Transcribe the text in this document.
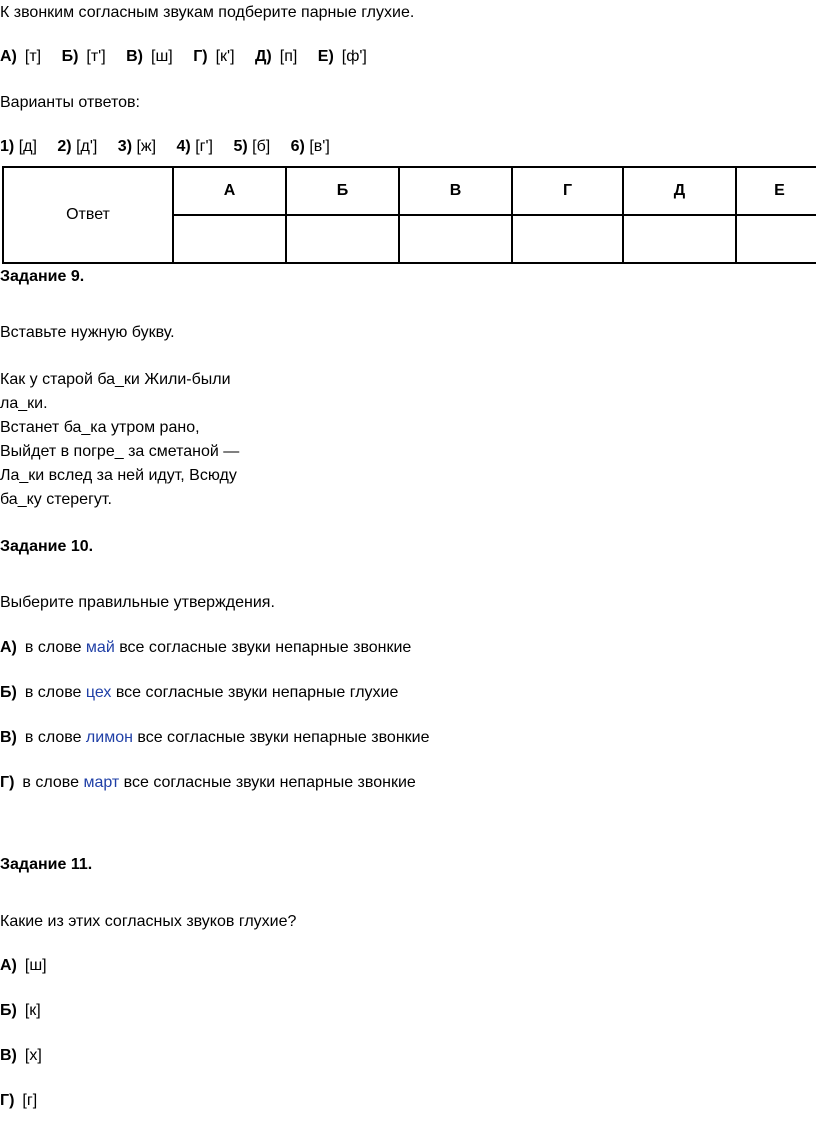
К звонким согласным звукам подберите парные глухие.
А) [т] Б) [т'] В) [ш] Г) [к'] Д) [п] Е) [ф']
Варианты ответов:
1) [д] 2) [д'] 3) [ж] 4) [г'] 5) [б] 6) [в']
Ответ	А	Б	В	Г	Д	Е

Задание 9.
Вставьте нужную букву.
Как у старой ба_ки Жили-были
ла_ки.
Встанет ба_ка утром рано,
Выйдет в погре_ за сметаной —
Ла_ки вслед за ней идут, Всюду
ба_ку стерегут.
Задание 10.
Выберите правильные утверждения.
А) в слове май все согласные звуки непарные звонкие
Б) в слове цех все согласные звуки непарные глухие
В) в слове лимон все согласные звуки непарные звонкие
Г) в слове март все согласные звуки непарные звонкие
Задание 11.
Какие из этих согласных звуков глухие?
А) [ш]
Б) [к]
В) [х]
Г) [г]
